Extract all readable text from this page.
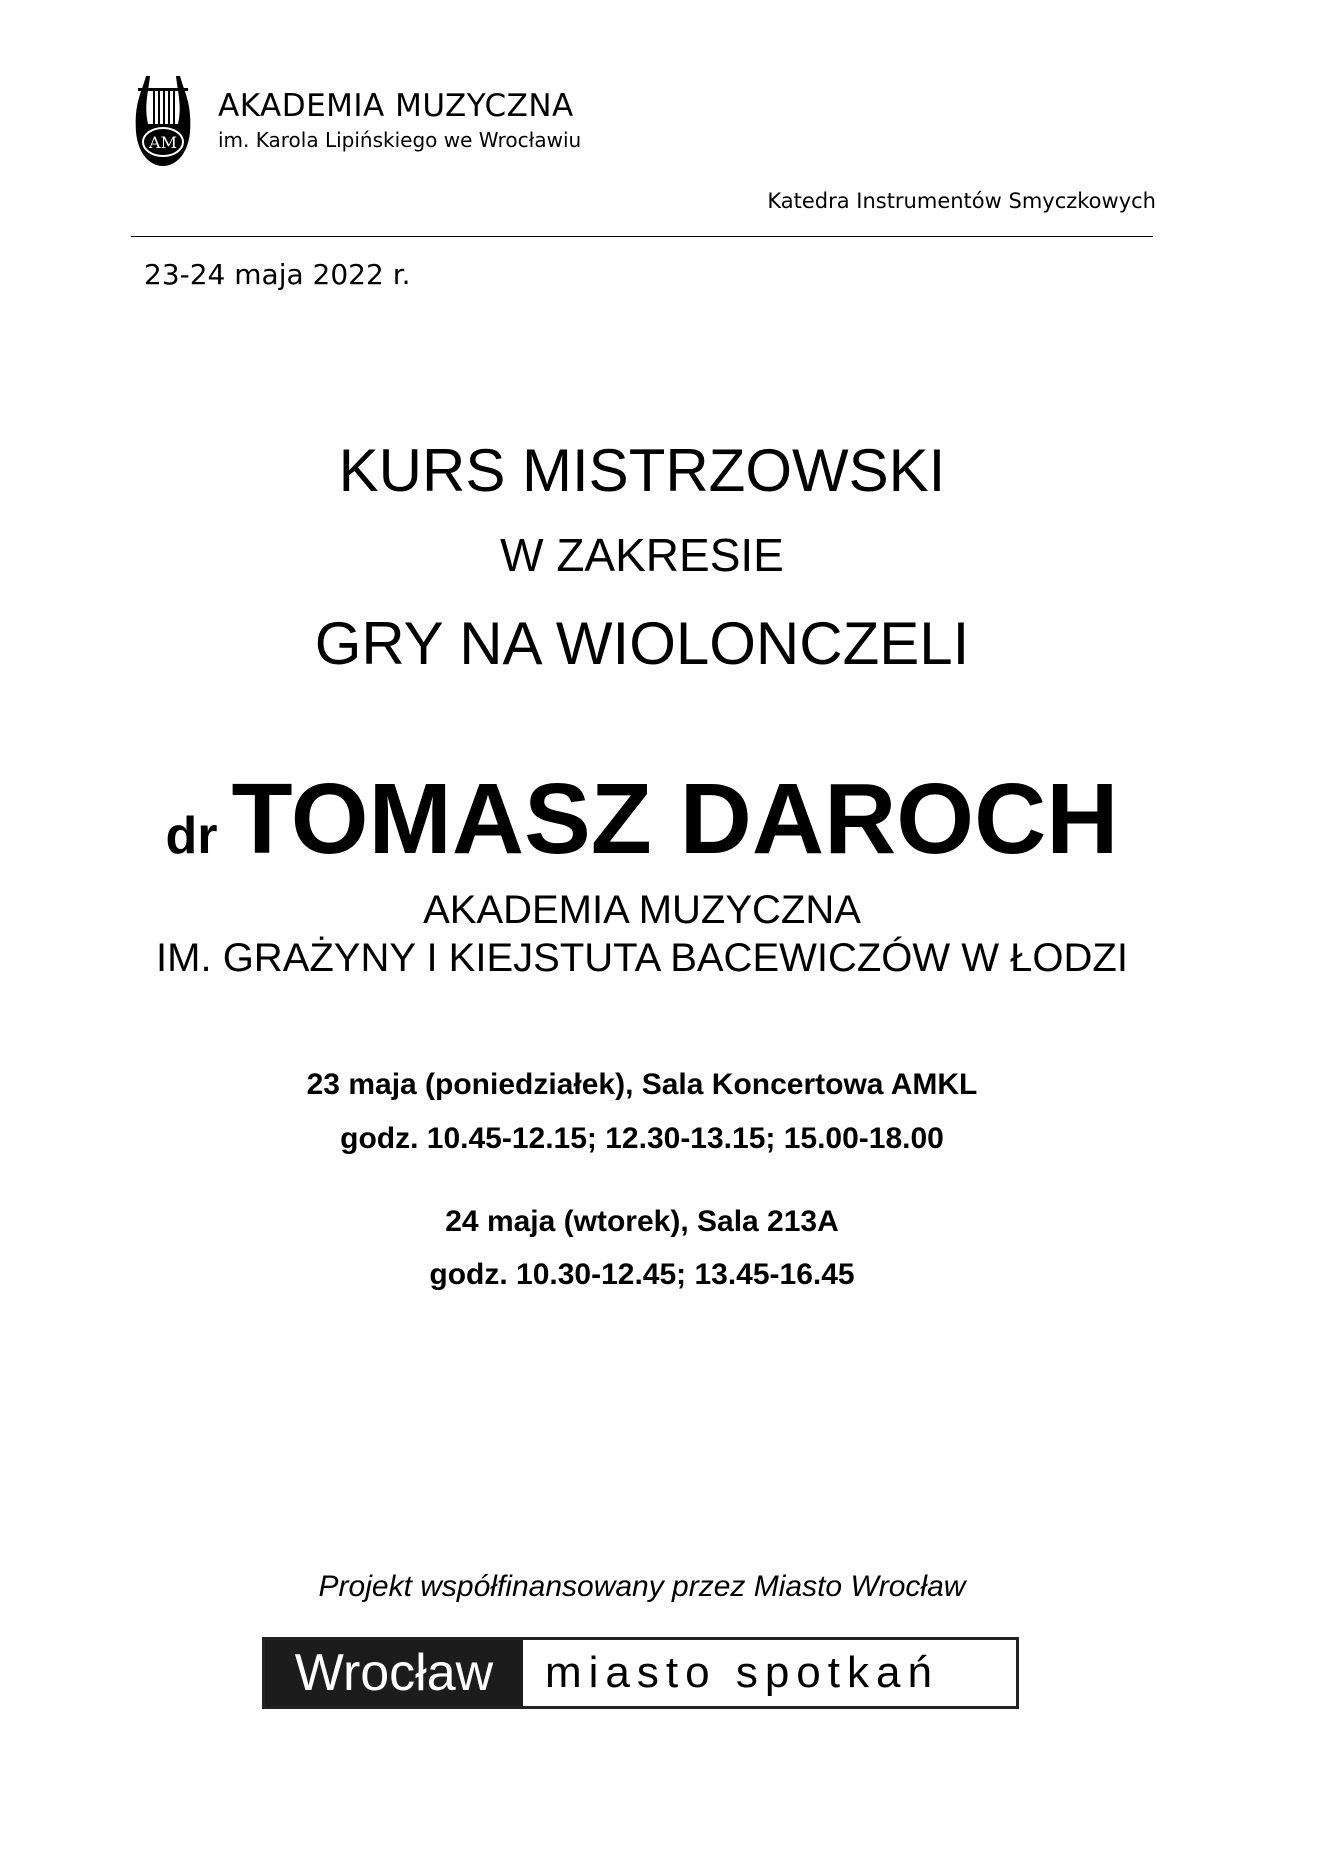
AM
AKADEMIA MUZYCZNA
im. Karola Lipińskiego we Wrocławiu
Katedra Instrumentów Smyczkowych
23-24 maja 2022 r.
KURS MISTRZOWSKI
W ZAKRESIE
GRY NA WIOLONCZELI
dr TOMASZ DAROCH
AKADEMIA MUZYCZNA
IM. GRAŻYNY I KIEJSTUTA BACEWICZÓW W ŁODZI
23 maja (poniedziałek), Sala Koncertowa AMKL
godz. 10.45-12.15; 12.30-13.15; 15.00-18.00
24 maja (wtorek), Sala 213A
godz. 10.30-12.45; 13.45-16.45
Projekt współfinansowany przez Miasto Wrocław
Wrocław	miasto spotkań
